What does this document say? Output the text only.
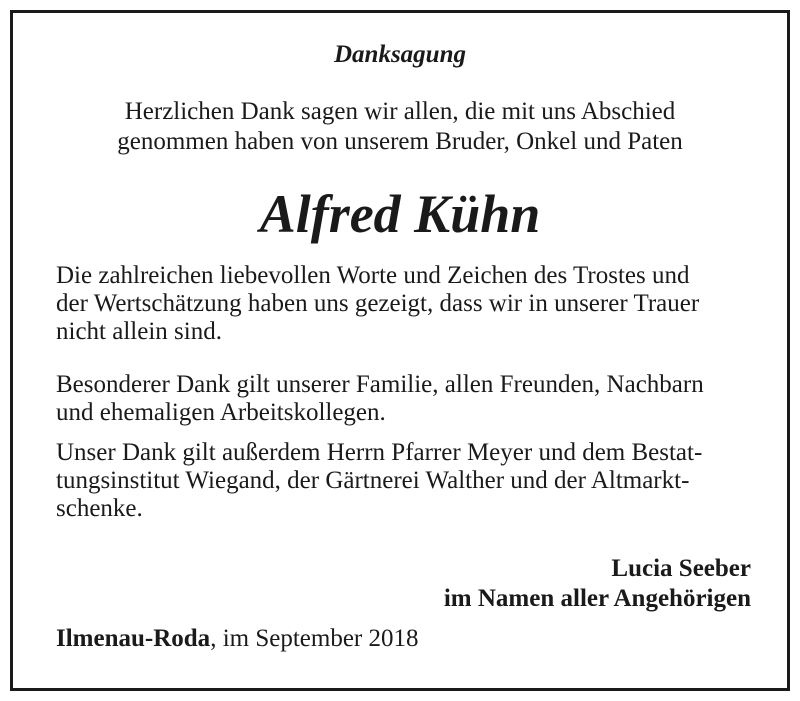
Danksagung
Herzlichen Dank sagen wir allen, die mit uns Abschied
genommen haben von unserem Bruder, Onkel und Paten
Alfred Kühn
Die zahlreichen liebevollen Worte und Zeichen des Trostes und
der Wertschätzung haben uns gezeigt, dass wir in unserer Trauer
nicht allein sind.
Besonderer Dank gilt unserer Familie, allen Freunden, Nachbarn
und ehemaligen Arbeitskollegen.
Unser Dank gilt außerdem Herrn Pfarrer Meyer und dem Bestat-
tungsinstitut Wiegand, der Gärtnerei Walther und der Altmarkt-
schenke.
Lucia Seeber
im Namen aller Angehörigen
Ilmenau-Roda, im September 2018
